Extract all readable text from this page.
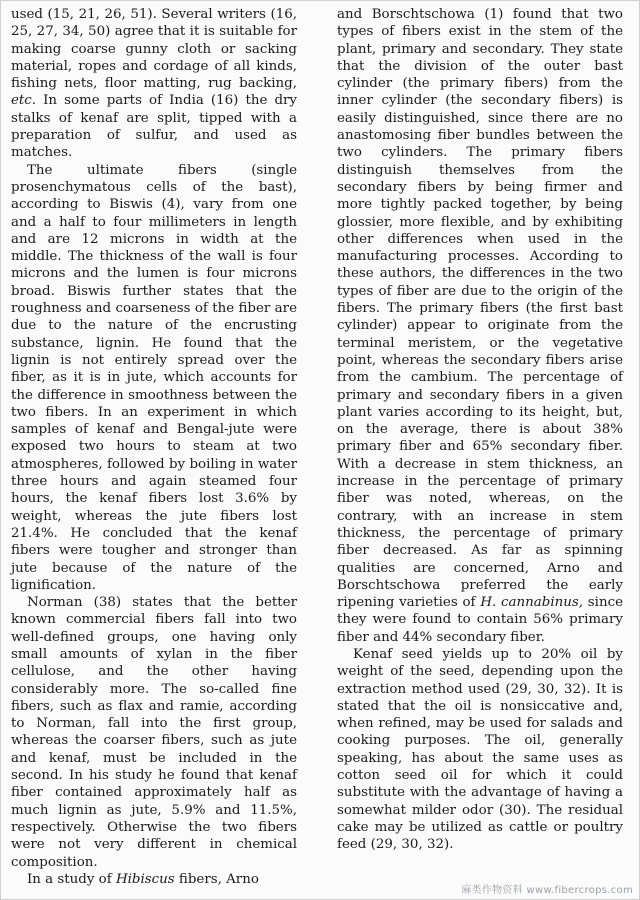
used (15, 21, 26, 51). Several writers (16, 25, 27, 34, 50) agree that it is suitable for making coarse gunny cloth or sacking material, ropes and cordage of all kinds, fishing nets, floor matting, rug backing, etc. In some parts of India (16) the dry stalks of kenaf are split, tipped with a preparation of sulfur, and used as matches.

The ultimate fibers (single prosenchymatous cells of the bast), according to Biswis (4), vary from one and a half to four millimeters in length and are 12 microns in width at the middle. The thickness of the wall is four microns and the lumen is four microns broad. Biswis further states that the roughness and coarseness of the fiber are due to the nature of the encrusting substance, lignin. He found that the lignin is not entirely spread over the fiber, as it is in jute, which accounts for the difference in smoothness between the two fibers. In an experiment in which samples of kenaf and Bengal-jute were exposed two hours to steam at two atmospheres, followed by boiling in water three hours and again steamed four hours, the kenaf fibers lost 3.6% by weight, whereas the jute fibers lost 21.4%. He concluded that the kenaf fibers were tougher and stronger than jute because of the nature of the lignification.

Norman (38) states that the better known commercial fibers fall into two well-defined groups, one having only small amounts of xylan in the fiber cellulose, and the other having considerably more. The so-called fine fibers, such as flax and ramie, according to Norman, fall into the first group, whereas the coarser fibers, such as jute and kenaf, must be included in the second. In his study he found that kenaf fiber contained approximately half as much lignin as jute, 5.9% and 11.5%, respectively. Otherwise the two fibers were not very different in chemical composition.

In a study of Hibiscus fibers, Arno

and Borschtschowa (1) found that two types of fibers exist in the stem of the plant, primary and secondary. They state that the division of the outer bast cylinder (the primary fibers) from the inner cylinder (the secondary fibers) is easily distinguished, since there are no anastomosing fiber bundles between the two cylinders. The primary fibers distinguish themselves from the secondary fibers by being firmer and more tightly packed together, by being glossier, more flexible, and by exhibiting other differences when used in the manufacturing processes. According to these authors, the differences in the two types of fiber are due to the origin of the fibers. The primary fibers (the first bast cylinder) appear to originate from the terminal meristem, or the vegetative point, whereas the secondary fibers arise from the cambium. The percentage of primary and secondary fibers in a given plant varies according to its height, but, on the average, there is about 38% primary fiber and 65% secondary fiber. With a decrease in stem thickness, an increase in the percentage of primary fiber was noted, whereas, on the contrary, with an increase in stem thickness, the percentage of primary fiber decreased. As far as spinning qualities are concerned, Arno and Borschtschowa preferred the early ripening varieties of H. cannabinus, since they were found to contain 56% primary fiber and 44% secondary fiber.

Kenaf seed yields up to 20% oil by weight of the seed, depending upon the extraction method used (29, 30, 32). It is stated that the oil is nonsiccative and, when refined, may be used for salads and cooking purposes. The oil, generally speaking, has about the same uses as cotton seed oil for which it could substitute with the advantage of having a somewhat milder odor (30). The residual cake may be utilized as cattle or poultry feed (29, 30, 32).

麻类作物资料 www.fibercrops.com
